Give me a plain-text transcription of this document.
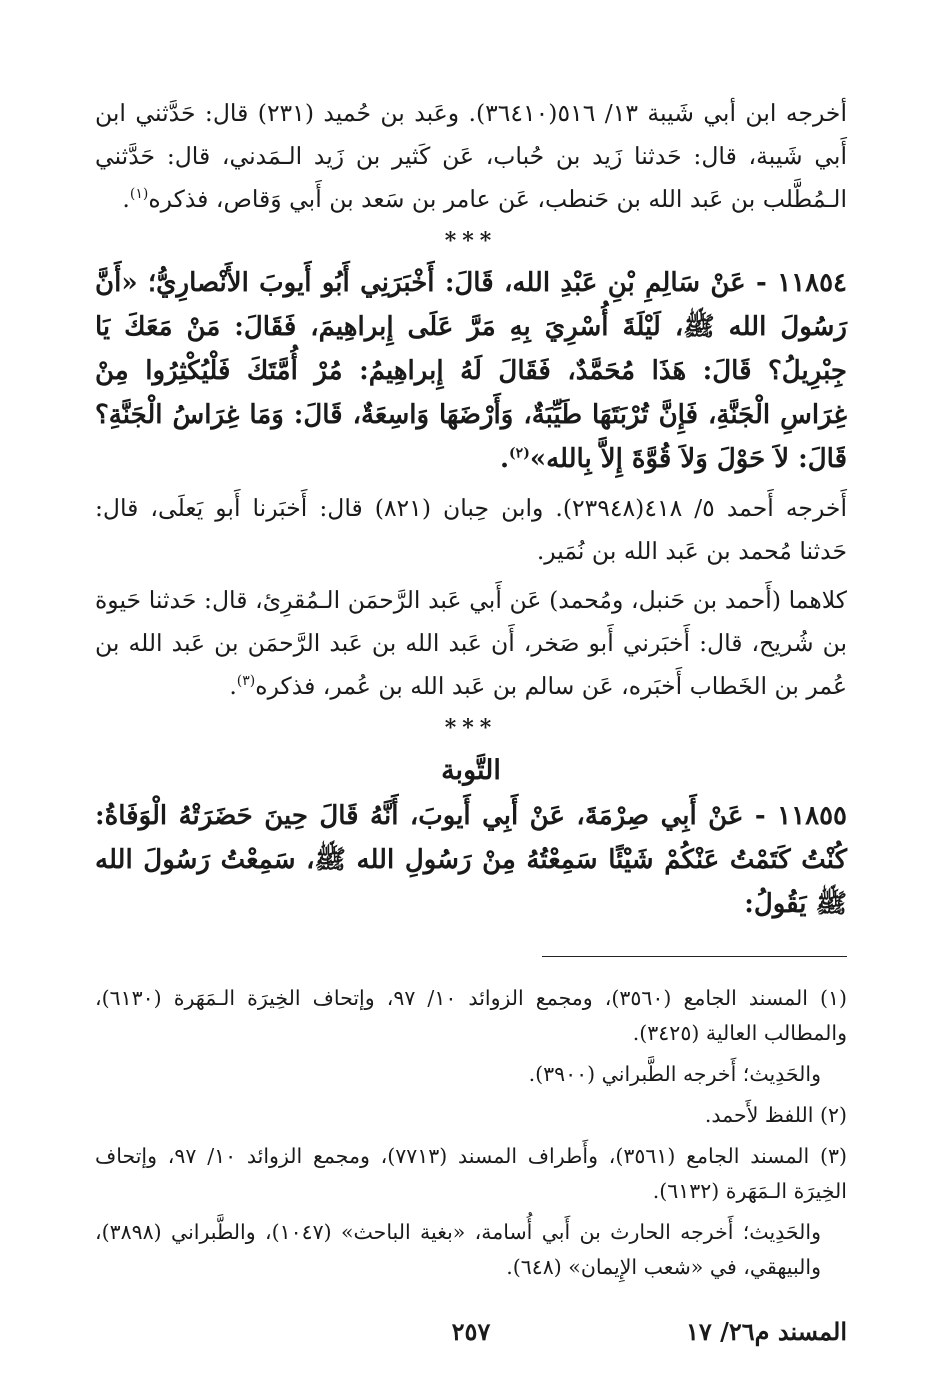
أخرجه ابن أبي شَيبة ١٣/ ٥١٦(٣٦٤١٠). وعَبد بن حُميد (٢٣١) قال: حَدَّثني ابن أَبي شَيبة، قال: حَدثنا زَيد بن حُباب، عَن كَثير بن زَيد الـمَدني، قال: حَدَّثني الـمُطَّلب بن عَبد الله بن حَنطب، عَن عامر بن سَعد بن أَبي وَقاص، فذكره$^{(١)}$.

***

١١٨٥٤ - عَنْ سَالِمِ بْنِ عَبْدِ الله، قَالَ: أَخْبَرَنِي أَبُو أَيوبَ الأَنْصارِيُّ؛ «أَنَّ رَسُولَ الله ﷺ، لَيْلَةَ أُسْرِيَ بِهِ مَرَّ عَلَى إِبراهِيمَ، فَقَالَ: مَنْ مَعَكَ يَا جِبْرِيلُ؟ قَالَ: هَذَا مُحَمَّدٌ، فَقَالَ لَهُ إِبراهِيمُ: مُرْ أُمَّتَكَ فَلْيُكْثِرُوا مِنْ غِرَاسِ الْجَنَّةِ، فَإِنَّ تُرْبَتَهَا طَيِّبَةٌ، وَأَرْضَهَا وَاسِعَةٌ، قَالَ: وَمَا غِرَاسُ الْجَنَّةِ؟ قَالَ: لاَ حَوْلَ وَلاَ قُوَّةَ إِلاَّ بِالله»$^{(٢)}$.

أَخرجه أَحمد ٥/ ٤١٨(٢٣٩٤٨). وابن حِبان (٨٢١) قال: أَخبَرنا أَبو يَعلَى، قال: حَدثنا مُحمد بن عَبد الله بن نُمَير.

كلاهما (أَحمد بن حَنبل، ومُحمد) عَن أَبي عَبد الرَّحمَن الـمُقرِئ، قال: حَدثنا حَيوة بن شُريح، قال: أَخبَرني أَبو صَخر، أَن عَبد الله بن عَبد الرَّحمَن بن عَبد الله بن عُمر بن الخَطاب أَخبَره، عَن سالم بن عَبد الله بن عُمر، فذكره$^{(٣)}$.

***

التَّوبة

١١٨٥٥ - عَنْ أَبِي صِرْمَةَ، عَنْ أَبِي أَيوبَ، أَنَّهُ قَالَ حِينَ حَضَرَتْهُ الْوَفَاةُ: كُنْتُ كَتَمْتُ عَنْكُمْ شَيْئًا سَمِعْتُهُ مِنْ رَسُولِ الله ﷺ، سَمِعْتُ رَسُولَ الله ﷺ يَقُولُ:

(١) المسند الجامع (٣٥٦٠)، ومجمع الزوائد ١٠/ ٩٧، وإتحاف الخِيرَة الـمَهَرة (٦١٣٠)، والمطالب العالية (٣٤٢٥).

والحَدِيث؛ أَخرجه الطَّبراني (٣٩٠٠).

(٢) اللفظ لأَحمد.

(٣) المسند الجامع (٣٥٦١)، وأَطراف المسند (٧٧١٣)، ومجمع الزوائد ١٠/ ٩٧، وإتحاف الخِيرَة الـمَهَرة (٦١٣٢).

والحَدِيث؛ أَخرجه الحارث بن أَبي أُسامة، «بغية الباحث» (١٠٤٧)، والطَّبراني (٣٨٩٨)، والبيهقي، في «شعب الإِيمان» (٦٤٨).

المسند م٢٦/ ١٧
٢٥٧
